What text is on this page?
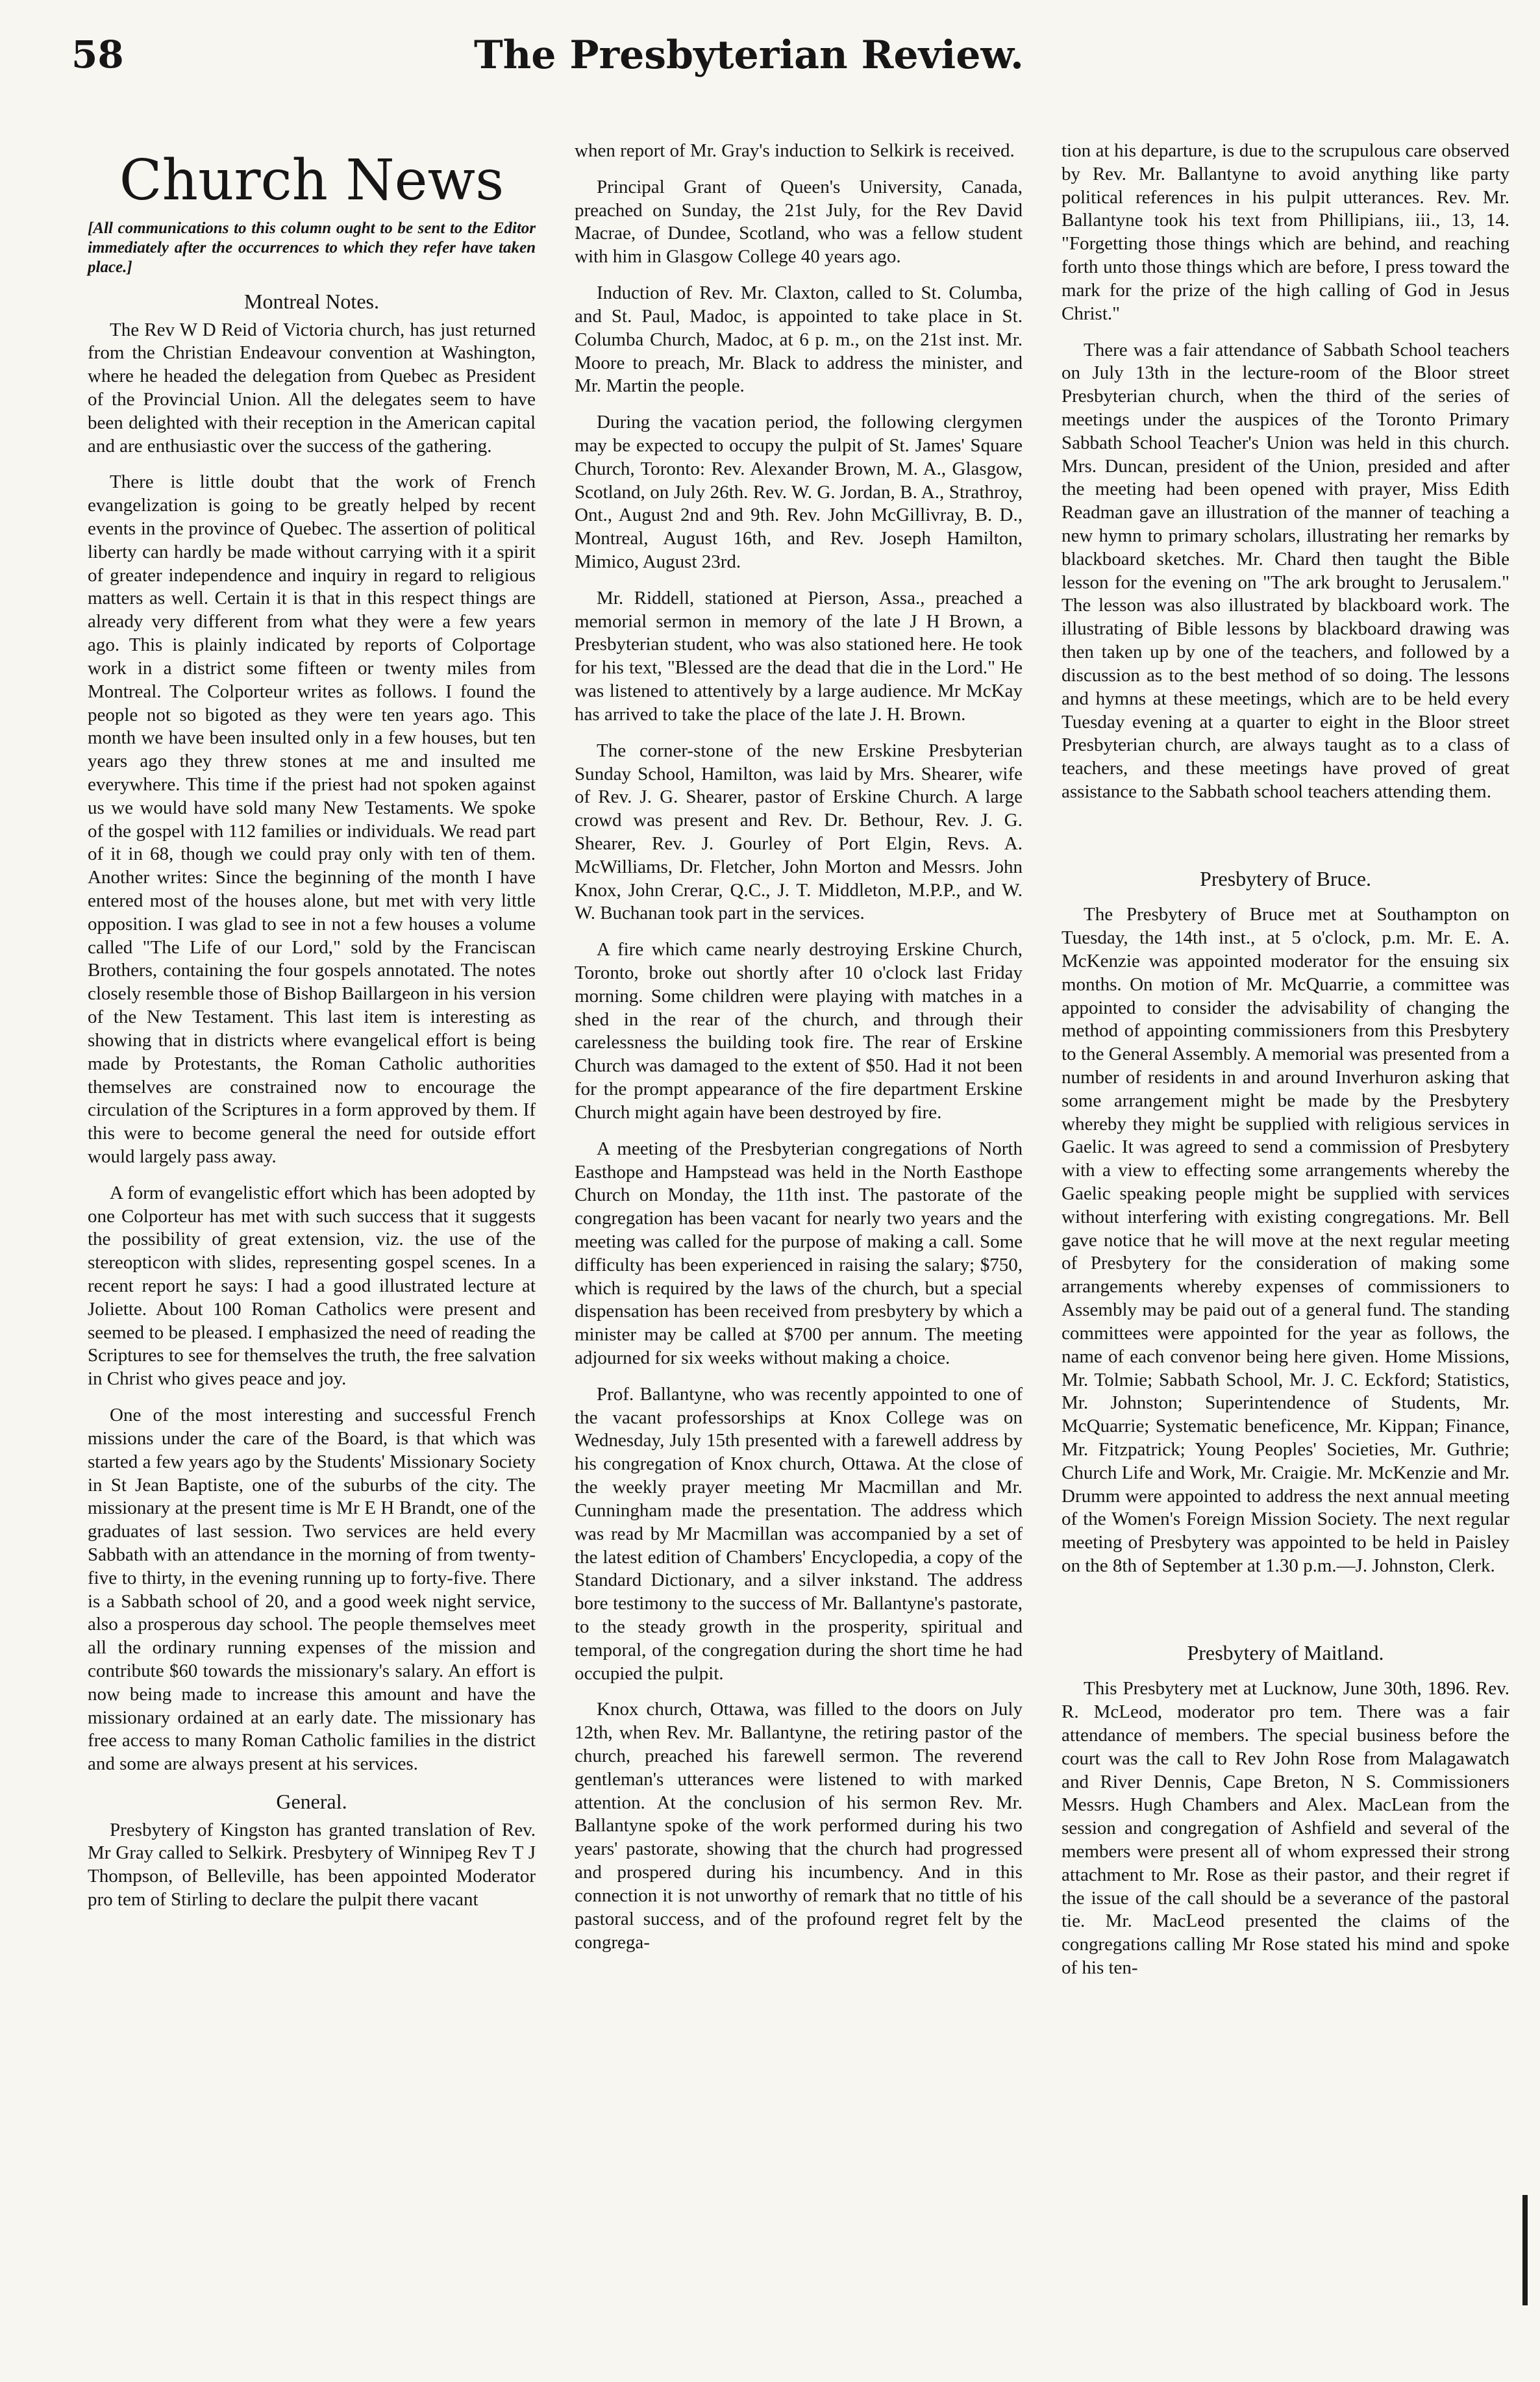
58	The Presbyterian Review.
Church News
[All communications to this column ought to be sent to the Editor immediately after the occurrences to which they refer have taken place.]
Montreal Notes.

The Rev W D Reid of Victoria church, has just returned from the Christian Endeavour convention at Washington, where he headed the delegation from Quebec as President of the Provincial Union. All the delegates seem to have been delighted with their reception in the American capital and are enthusiastic over the success of the gathering.

There is little doubt that the work of French evangelization is going to be greatly helped by recent events in the province of Quebec. The assertion of political liberty can hardly be made without carrying with it a spirit of greater independence and inquiry in regard to religious matters as well. Certain it is that in this respect things are already very different from what they were a few years ago. This is plainly indicated by reports of Colportage work in a district some fifteen or twenty miles from Montreal. The Colporteur writes as follows. I found the people not so bigoted as they were ten years ago. This month we have been insulted only in a few houses, but ten years ago they threw stones at me and insulted me everywhere. This time if the priest had not spoken against us we would have sold many New Testaments. We spoke of the gospel with 112 families or individuals. We read part of it in 68, though we could pray only with ten of them. Another writes: Since the beginning of the month I have entered most of the houses alone, but met with very little opposition. I was glad to see in not a few houses a volume called "The Life of our Lord," sold by the Franciscan Brothers, containing the four gospels annotated. The notes closely resemble those of Bishop Baillargeon in his version of the New Testament. This last item is interesting as showing that in districts where evangelical effort is being made by Protestants, the Roman Catholic authorities themselves are constrained now to encourage the circulation of the Scriptures in a form approved by them. If this were to become general the need for outside effort would largely pass away.

A form of evangelistic effort which has been adopted by one Colporteur has met with such success that it suggests the possibility of great extension, viz. the use of the stereopticon with slides, representing gospel scenes. In a recent report he says: I had a good illustrated lecture at Joliette. About 100 Roman Catholics were present and seemed to be pleased. I emphasized the need of reading the Scriptures to see for themselves the truth, the free salvation in Christ who gives peace and joy.

One of the most interesting and successful French missions under the care of the Board, is that which was started a few years ago by the Students' Missionary Society in St Jean Baptiste, one of the suburbs of the city. The missionary at the present time is Mr E H Brandt, one of the graduates of last session. Two services are held every Sabbath with an attendance in the morning of from twenty-five to thirty, in the evening running up to forty-five. There is a Sabbath school of 20, and a good week night service, also a prosperous day school. The people themselves meet all the ordinary running expenses of the mission and contribute $60 towards the missionary's salary. An effort is now being made to increase this amount and have the missionary ordained at an early date. The missionary has free access to many Roman Catholic families in the district and some are always present at his services.

General.

Presbytery of Kingston has granted translation of Rev. Mr Gray called to Selkirk. Presbytery of Winnipeg Rev T J Thompson, of Belleville, has been appointed Moderator pro tem of Stirling to declare the pulpit there vacant

when report of Mr. Gray's induction to Selkirk is received.

Principal Grant of Queen's University, Canada, preached on Sunday, the 21st July, for the Rev David Macrae, of Dundee, Scotland, who was a fellow student with him in Glasgow College 40 years ago.

Induction of Rev. Mr. Claxton, called to St. Columba, and St. Paul, Madoc, is appointed to take place in St. Columba Church, Madoc, at 6 p. m., on the 21st inst. Mr. Moore to preach, Mr. Black to address the minister, and Mr. Martin the people.

During the vacation period, the following clergymen may be expected to occupy the pulpit of St. James' Square Church, Toronto: Rev. Alexander Brown, M. A., Glasgow, Scotland, on July 26th. Rev. W. G. Jordan, B. A., Strathroy, Ont., August 2nd and 9th. Rev. John McGillivray, B. D., Montreal, August 16th, and Rev. Joseph Hamilton, Mimico, August 23rd.

Mr. Riddell, stationed at Pierson, Assa., preached a memorial sermon in memory of the late J H Brown, a Presbyterian student, who was also stationed here. He took for his text, "Blessed are the dead that die in the Lord." He was listened to attentively by a large audience. Mr McKay has arrived to take the place of the late J. H. Brown.

The corner-stone of the new Erskine Presbyterian Sunday School, Hamilton, was laid by Mrs. Shearer, wife of Rev. J. G. Shearer, pastor of Erskine Church. A large crowd was present and Rev. Dr. Bethour, Rev. J. G. Shearer, Rev. J. Gourley of Port Elgin, Revs. A. McWilliams, Dr. Fletcher, John Morton and Messrs. John Knox, John Crerar, Q.C., J. T. Middleton, M.P.P., and W. W. Buchanan took part in the services.

A fire which came nearly destroying Erskine Church, Toronto, broke out shortly after 10 o'clock last Friday morning. Some children were playing with matches in a shed in the rear of the church, and through their carelessness the building took fire. The rear of Erskine Church was damaged to the extent of $50. Had it not been for the prompt appearance of the fire department Erskine Church might again have been destroyed by fire.

A meeting of the Presbyterian congregations of North Easthope and Hampstead was held in the North Easthope Church on Monday, the 11th inst. The pastorate of the congregation has been vacant for nearly two years and the meeting was called for the purpose of making a call. Some difficulty has been experienced in raising the salary; $750, which is required by the laws of the church, but a special dispensation has been received from presbytery by which a minister may be called at $700 per annum. The meeting adjourned for six weeks without making a choice.

Prof. Ballantyne, who was recently appointed to one of the vacant professorships at Knox College was on Wednesday, July 15th presented with a farewell address by his congregation of Knox church, Ottawa. At the close of the weekly prayer meeting Mr Macmillan and Mr. Cunningham made the presentation. The address which was read by Mr Macmillan was accompanied by a set of the latest edition of Chambers' Encyclopedia, a copy of the Standard Dictionary, and a silver inkstand. The address bore testimony to the success of Mr. Ballantyne's pastorate, to the steady growth in the prosperity, spiritual and temporal, of the congregation during the short time he had occupied the pulpit.

Knox church, Ottawa, was filled to the doors on July 12th, when Rev. Mr. Ballantyne, the retiring pastor of the church, preached his farewell sermon. The reverend gentleman's utterances were listened to with marked attention. At the conclusion of his sermon Rev. Mr. Ballantyne spoke of the work performed during his two years' pastorate, showing that the church had progressed and prospered during his incumbency. And in this connection it is not unworthy of remark that no tittle of his pastoral success, and of the profound regret felt by the congrega-

tion at his departure, is due to the scrupulous care observed by Rev. Mr. Ballantyne to avoid anything like party political references in his pulpit utterances. Rev. Mr. Ballantyne took his text from Phillipians, iii., 13, 14. "Forgetting those things which are behind, and reaching forth unto those things which are before, I press toward the mark for the prize of the high calling of God in Jesus Christ."

There was a fair attendance of Sabbath School teachers on July 13th in the lecture-room of the Bloor street Presbyterian church, when the third of the series of meetings under the auspices of the Toronto Primary Sabbath School Teacher's Union was held in this church. Mrs. Duncan, president of the Union, presided and after the meeting had been opened with prayer, Miss Edith Readman gave an illustration of the manner of teaching a new hymn to primary scholars, illustrating her remarks by blackboard sketches. Mr. Chard then taught the Bible lesson for the evening on "The ark brought to Jerusalem." The lesson was also illustrated by blackboard work. The illustrating of Bible lessons by blackboard drawing was then taken up by one of the teachers, and followed by a discussion as to the best method of so doing. The lessons and hymns at these meetings, which are to be held every Tuesday evening at a quarter to eight in the Bloor street Presbyterian church, are always taught as to a class of teachers, and these meetings have proved of great assistance to the Sabbath school teachers attending them.

Presbytery of Bruce.

The Presbytery of Bruce met at Southampton on Tuesday, the 14th inst., at 5 o'clock, p.m. Mr. E. A. McKenzie was appointed moderator for the ensuing six months. On motion of Mr. McQuarrie, a committee was appointed to consider the advisability of changing the method of appointing commissioners from this Presbytery to the General Assembly. A memorial was presented from a number of residents in and around Inverhuron asking that some arrangement might be made by the Presbytery whereby they might be supplied with religious services in Gaelic. It was agreed to send a commission of Presbytery with a view to effecting some arrangements whereby the Gaelic speaking people might be supplied with services without interfering with existing congregations. Mr. Bell gave notice that he will move at the next regular meeting of Presbytery for the consideration of making some arrangements whereby expenses of commissioners to Assembly may be paid out of a general fund. The standing committees were appointed for the year as follows, the name of each convenor being here given. Home Missions, Mr. Tolmie; Sabbath School, Mr. J. C. Eckford; Statistics, Mr. Johnston; Superintendence of Students, Mr. McQuarrie; Systematic beneficence, Mr. Kippan; Finance, Mr. Fitzpatrick; Young Peoples' Societies, Mr. Guthrie; Church Life and Work, Mr. Craigie. Mr. McKenzie and Mr. Drumm were appointed to address the next annual meeting of the Women's Foreign Mission Society. The next regular meeting of Presbytery was appointed to be held in Paisley on the 8th of September at 1.30 p.m.—J. Johnston, Clerk.

Presbytery of Maitland.

This Presbytery met at Lucknow, June 30th, 1896. Rev. R. McLeod, moderator pro tem. There was a fair attendance of members. The special business before the court was the call to Rev John Rose from Malagawatch and River Dennis, Cape Breton, N S. Commissioners Messrs. Hugh Chambers and Alex. MacLean from the session and congregation of Ashfield and several of the members were present all of whom expressed their strong attachment to Mr. Rose as their pastor, and their regret if the issue of the call should be a severance of the pastoral tie. Mr. MacLeod presented the claims of the congregations calling Mr Rose stated his mind and spoke of his ten-
